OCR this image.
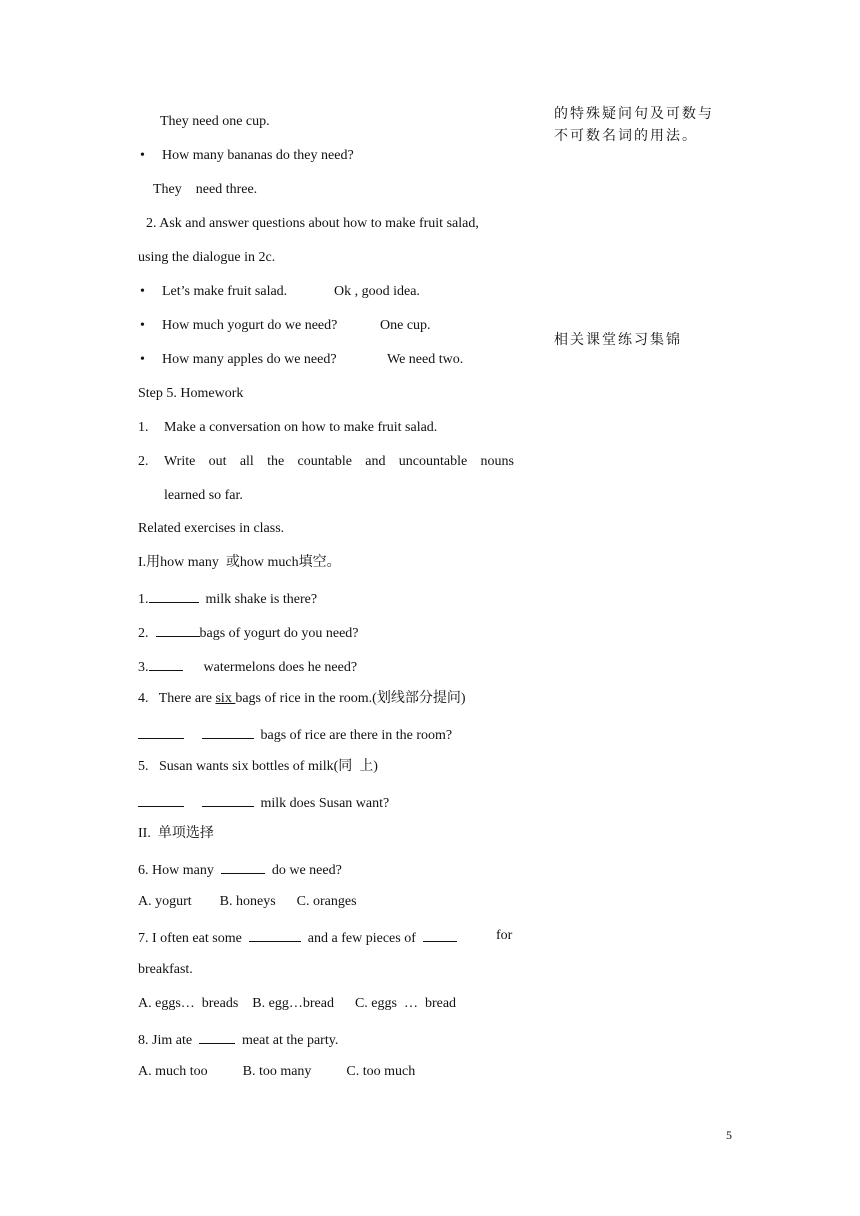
They need one cup.
• How many bananas do they need?
They    need three.
2. Ask and answer questions about how to make fruit salad,
using the dialogue in 2c.
• Let’s make fruit salad.	Ok , good idea.
• How much yogurt do we need?	One cup.
• How many apples do we need?	We need two.
Step 5. Homework
1. Make a conversation on how to make fruit salad.
2.	Write out all the countable and uncountable nouns
learned so far.
Related exercises in class.
I.用how many  或how much填空。
1.	milk shake is there?
2.	bags of yogurt do you need?
3.	watermelons does he need?
4.   There are six bags of rice in the room.(划线部分提问)
bags of rice are there in the room?
5.   Susan wants six bottles of milk(同  上)
milk does Susan want?
II.  单项选择
6. How many	do we need?
A. yogurt        B. honeys      C. oranges
7. I often eat some	and a few pieces of	for
breakfast.
A. eggs…  breads    B. egg…bread      C. eggs  …  bread
8. Jim ate	meat at the party.
A. much too          B. too many          C. too much
的特殊疑问句及可数与
不可数名词的用法。
相关课堂练习集锦
5
